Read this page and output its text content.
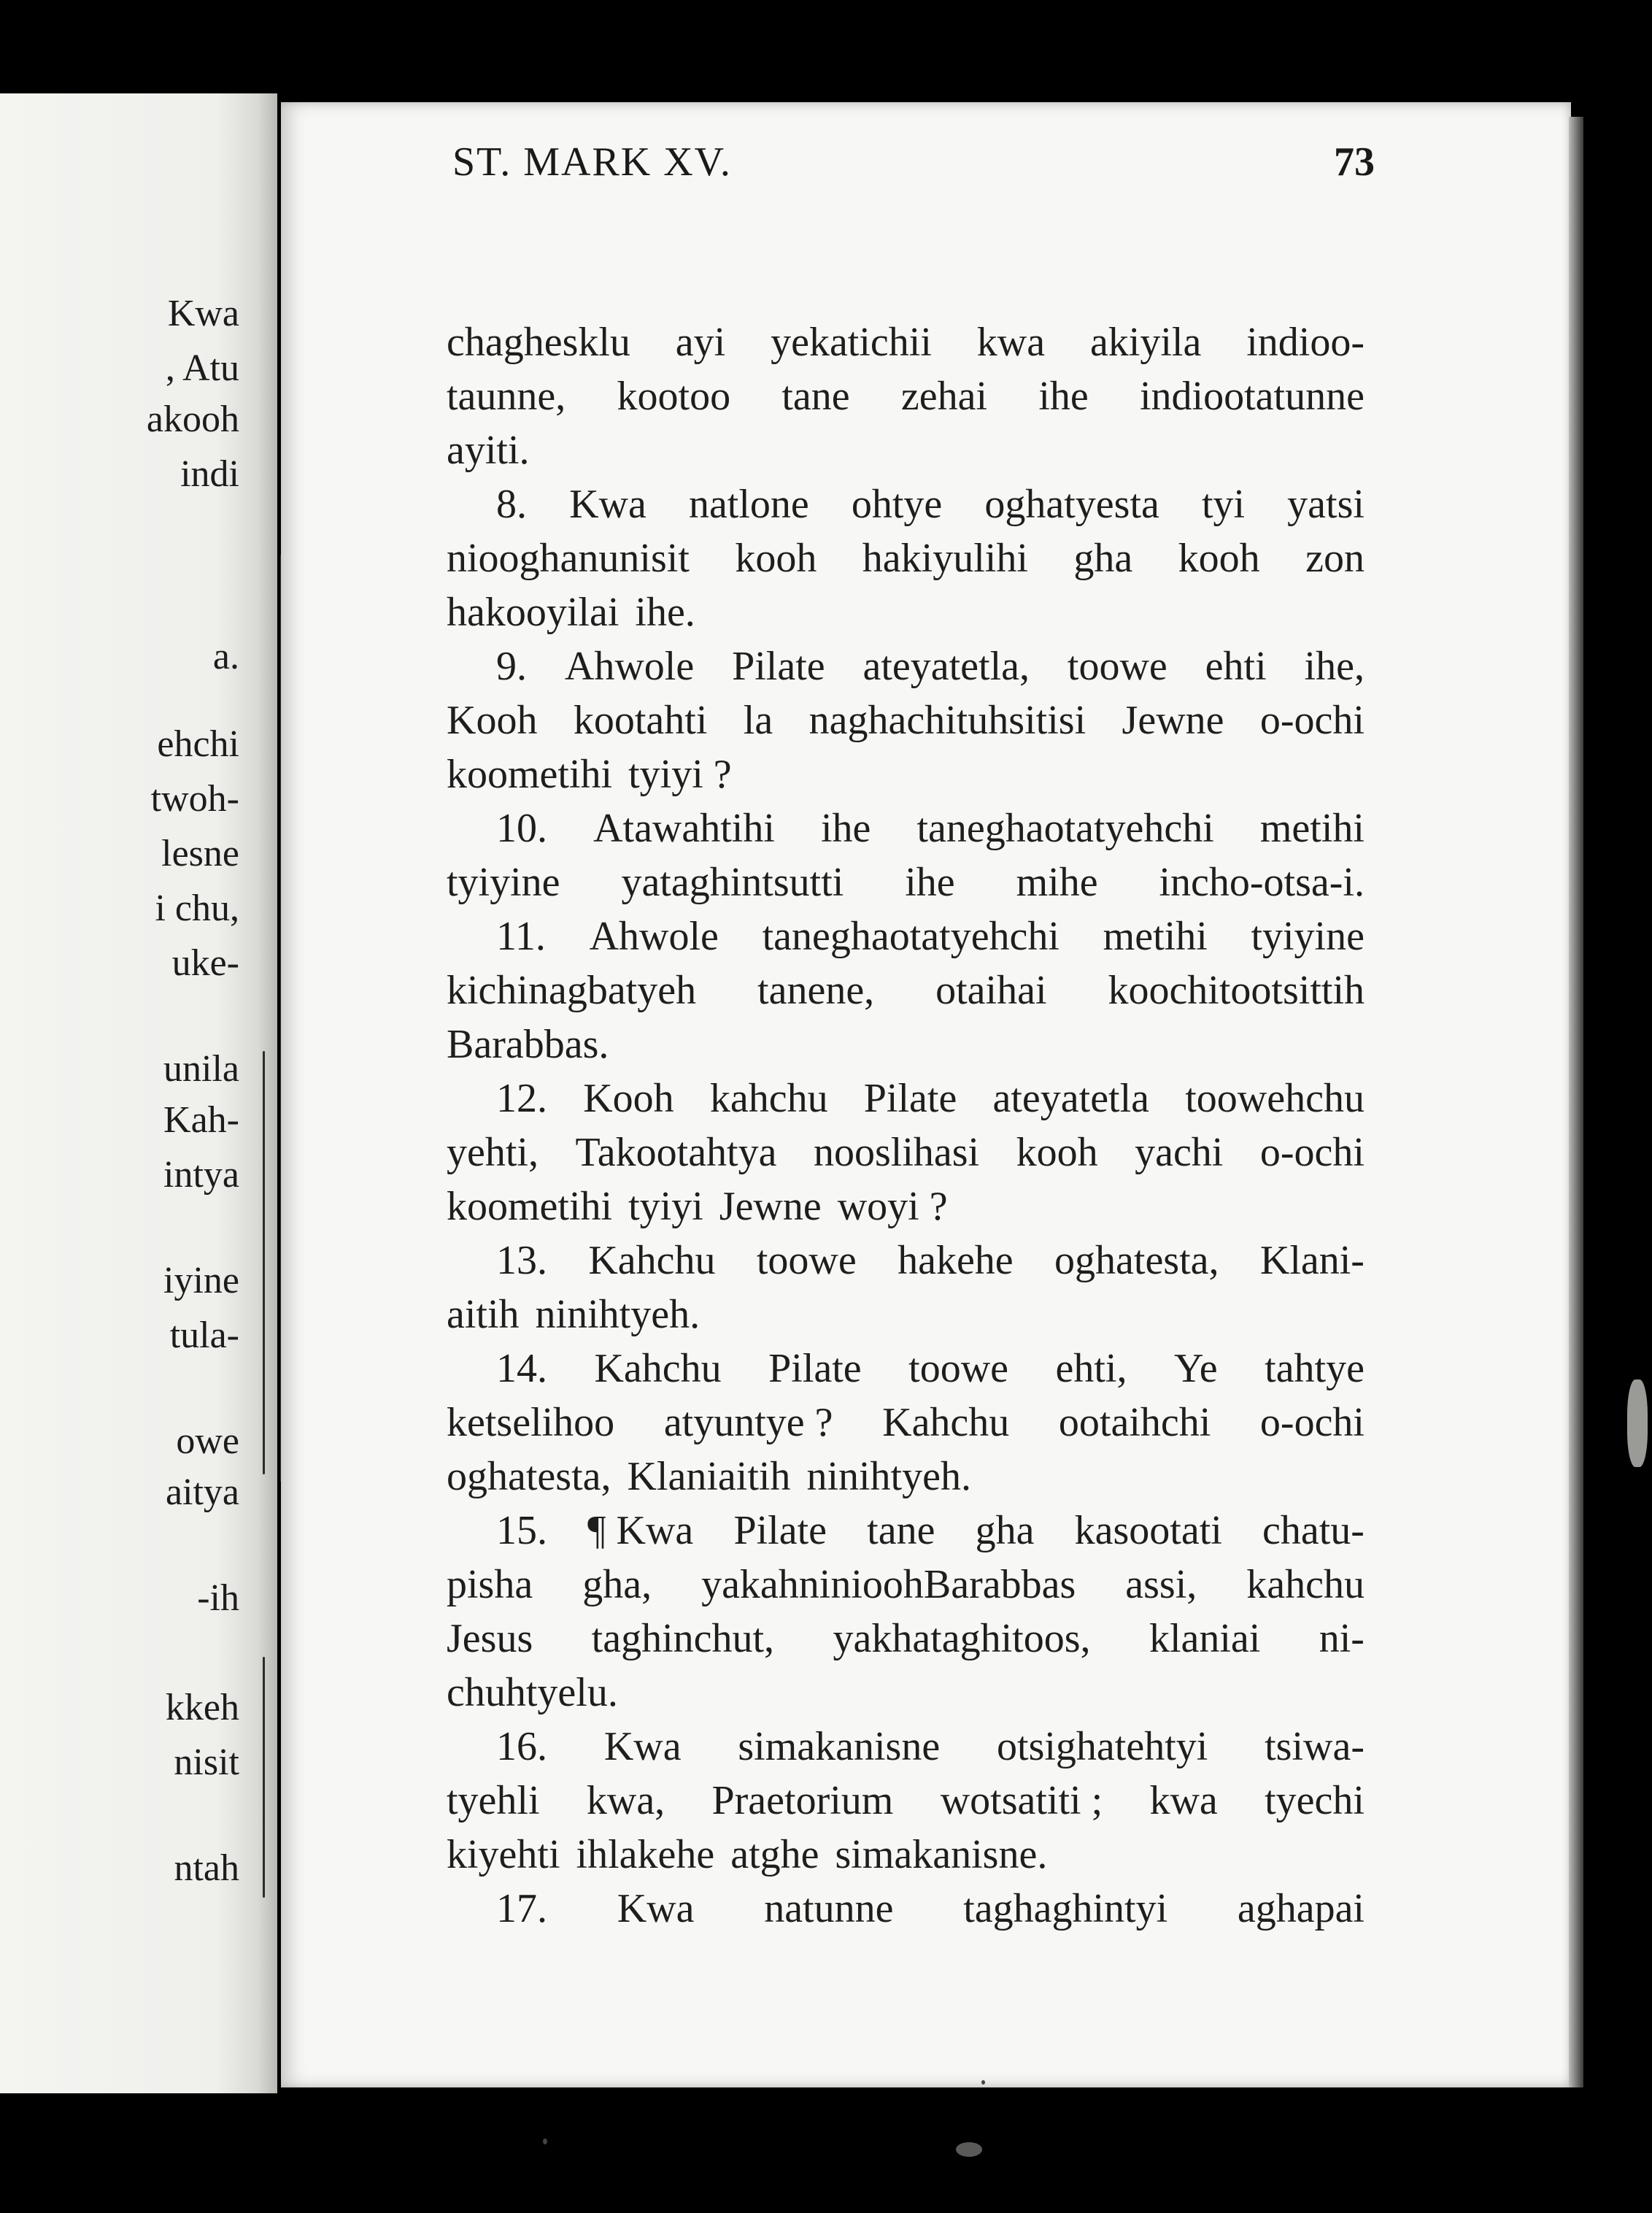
Kwa

, Atu

akooh

indi

a.

ehchi

twoh-

lesne

i chu,

uke-

unila

Kah-

intya

iyine

tula-

owe

aitya

-ih

kkeh

nisit

ntah

ST. MARK XV.	73

chaghesklu ayi yekatichii kwa akiyila indioo-

taunne, kootoo tane zehai ihe indiootatunne

ayiti.

8. Kwa natlone ohtye oghatyesta tyi yatsi

niooghanunisit kooh hakiyulihi gha kooh zon

hakooyilai ihe.

9. Ahwole Pilate ateyatetla, toowe ehti ihe,

Kooh kootahti la naghachituhsitisi Jewne o-ochi

koometihi tyiyi ?

10. Atawahtihi ihe taneghaotatyehchi metihi

tyiyine yataghintsutti ihe mihe incho-otsa-i.

11. Ahwole taneghaotatyehchi metihi tyiyine

kichinagbatyeh tanene, otaihai koochitootsittih

Barabbas.

12. Kooh kahchu Pilate ateyatetla toowehchu

yehti, Takootahtya nooslihasi kooh yachi o-ochi

koometihi tyiyi Jewne woyi ?

13. Kahchu toowe hakehe oghatesta, Klani-

aitih ninihtyeh.

14. Kahchu Pilate toowe ehti, Ye tahtye

ketselihoo atyuntye ? Kahchu ootaihchi o-ochi

oghatesta, Klaniaitih ninihtyeh.

15. ¶ Kwa Pilate tane gha kasootati chatu-

pisha gha, yakahninioohBarabbas assi, kahchu

Jesus taghinchut, yakhataghitoos, klaniai ni-

chuhtyelu.

16. Kwa simakanisne otsighatehtyi tsiwa-

tyehli kwa, Praetorium wotsatiti ; kwa tyechi

kiyehti ihlakehe atghe simakanisne.

17. Kwa natunne taghaghintyi aghapai
